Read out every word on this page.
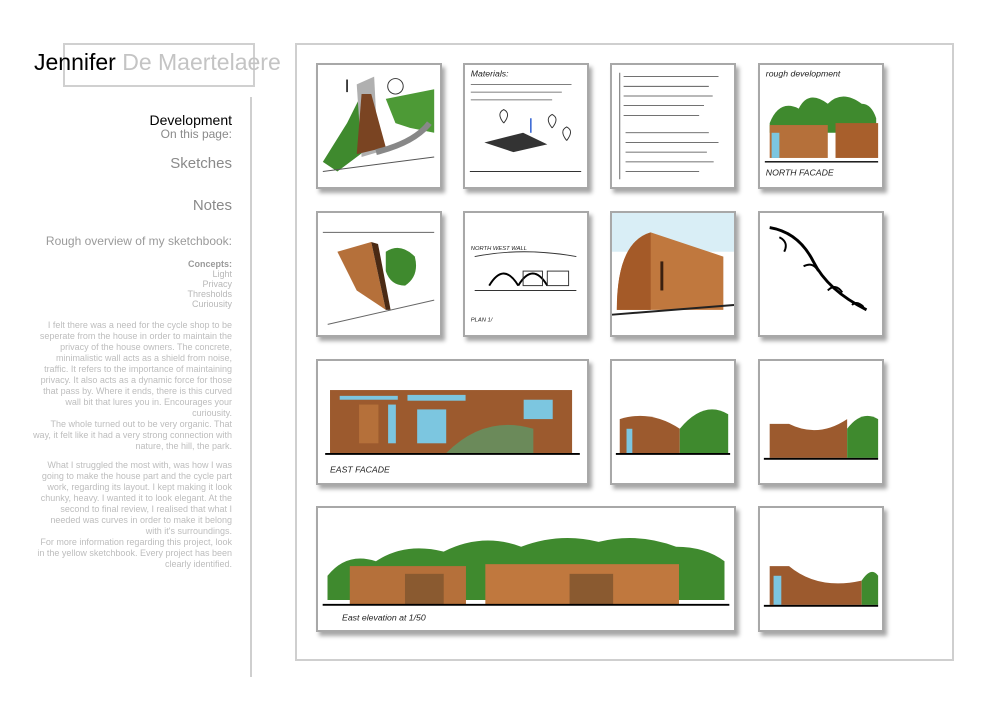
Jennifer De Maertelaere
Development
On this page:
Sketches
Notes
Rough overview of my sketchbook:
Concepts:
Light
Privacy
Thresholds
Curiousity
I felt there was a need for the cycle shop to be seperate from the house in order to maintain the privacy of the house owners. The concrete, minimalistic wall acts as a shield from noise, traffic. It refers to the importance of maintaining privacy. It also acts as a dynamic force for those that pass by. Where it ends, there is this curved wall bit that lures you in. Encourages your curiousity.
The whole turned out to be very organic. That way, it felt like it had a very strong connection with nature, the hill, the park.
What I struggled the most with, was how I was going to make the house part and the cycle part work, regarding its layout. I kept making it look chunky, heavy. I wanted it to look elegant. At the second to final review, I realised that what I needed was curves in order to make it belong with it's surroundings.
For more information regarding this project, look in the yellow sketchbook. Every project has been clearly identified.
Materials:	rough development
NORTH FACADE
NORTH WEST WALL
PLAN 1/
EAST FACADE
East elevation at 1/50
